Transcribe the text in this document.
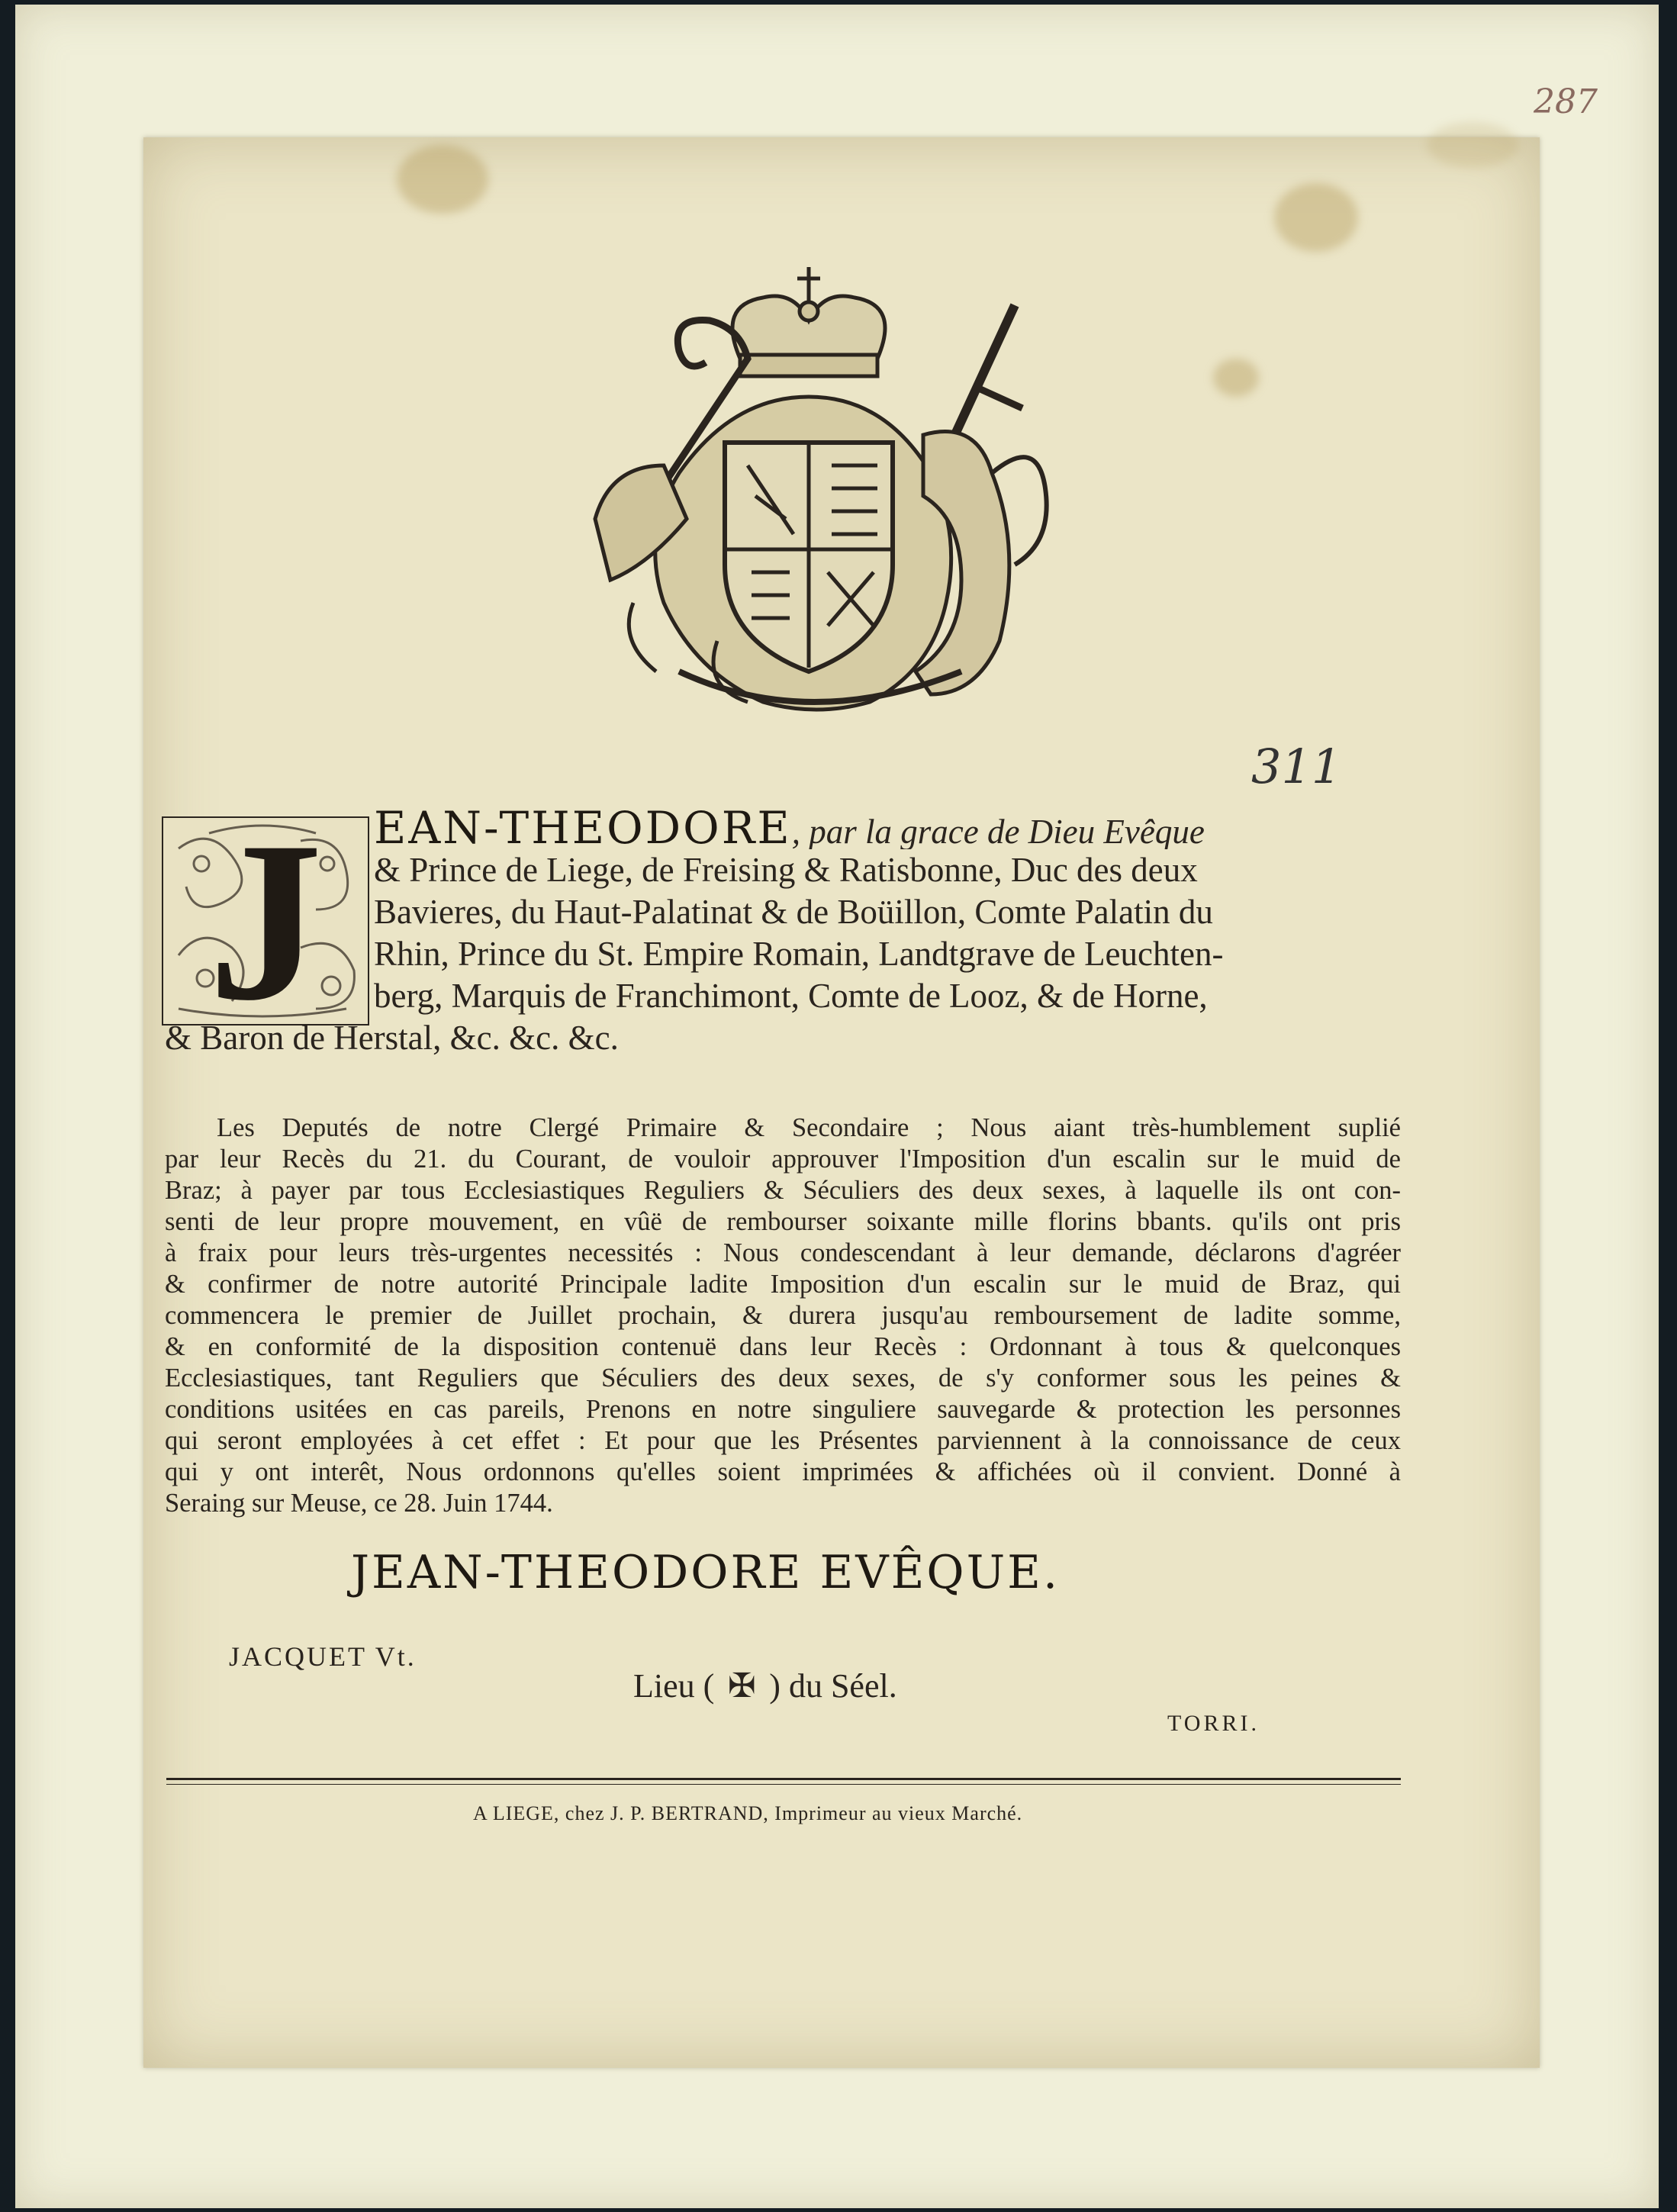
287
311
J	EAN-THEODORE, par la grace de Dieu Evêque
& Prince de Liege, de Freising & Ratisbonne, Duc des deux
Bavieres, du Haut-Palatinat & de Boüillon, Comte Palatin du
Rhin, Prince du St. Empire Romain, Landtgrave de Leuchten-
berg, Marquis de Franchimont, Comte de Looz, & de Horne,
& Baron de Herstal, &c. &c. &c.
Les Deputés de notre Clergé Primaire & Secondaire ; Nous aiant très-humblement suplié
par leur Recès du 21. du Courant, de vouloir approuver l'Imposition d'un escalin sur le muid de
Braz; à payer par tous Ecclesiastiques Reguliers & Séculiers des deux sexes, à laquelle ils ont con-
senti de leur propre mouvement, en vûë de rembourser soixante mille florins bbants. qu'ils ont pris
à fraix pour leurs très-urgentes necessités : Nous condescendant à leur demande, déclarons d'agréer
& confirmer de notre autorité Principale ladite Imposition d'un escalin sur le muid de Braz, qui
commencera le premier de Juillet prochain, & durera jusqu'au remboursement de ladite somme,
& en conformité de la disposition contenuë dans leur Recès : Ordonnant à tous & quelconques
Ecclesiastiques, tant Reguliers que Séculiers des deux sexes, de s'y conformer sous les peines &
conditions usitées en cas pareils, Prenons en notre singuliere sauvegarde & protection les personnes
qui seront employées à cet effet : Et pour que les Présentes parviennent à la connoissance de ceux
qui y ont interêt, Nous ordonnons qu'elles soient imprimées & affichées où il convient. Donné à
Seraing sur Meuse, ce 28. Juin 1744.
JEAN-THEODORE EVÊQUE.
JACQUET Vt.
Lieu ( ✠ ) du Séel.
TORRI.
A LIEGE, chez J. P. BERTRAND, Imprimeur au vieux Marché.
